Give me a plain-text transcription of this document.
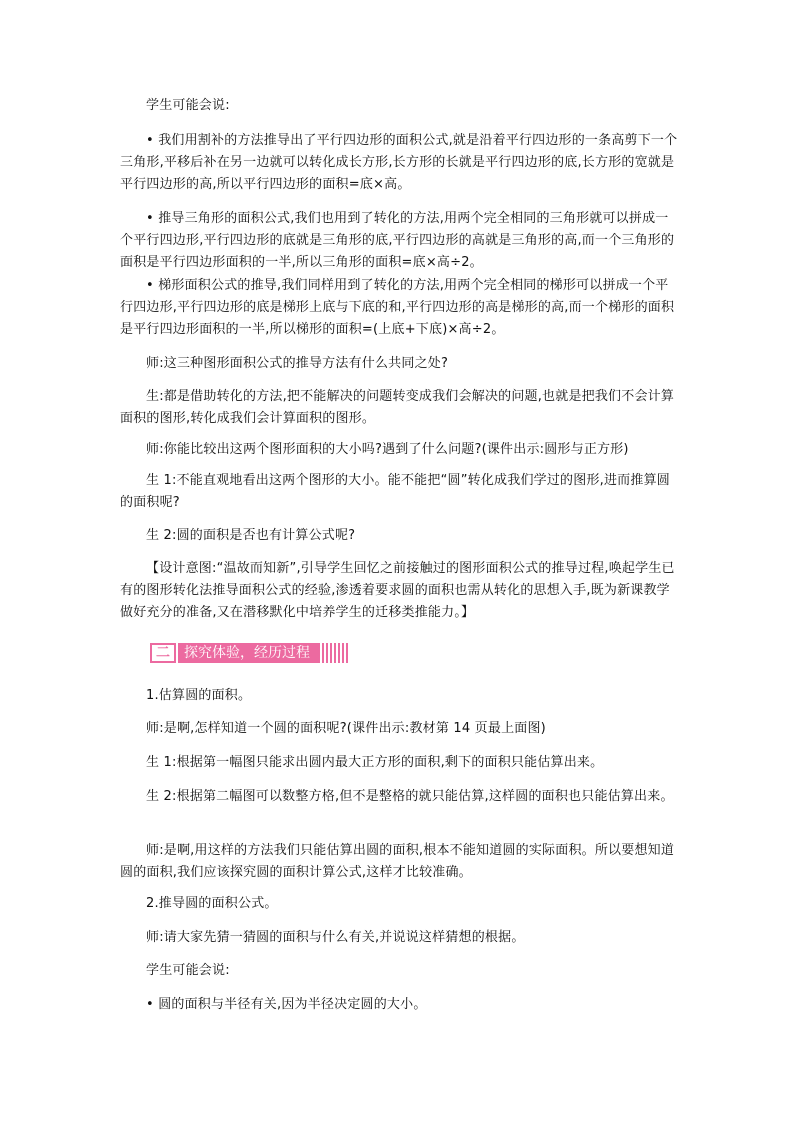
学生可能会说:

• 我们用割补的方法推导出了平行四边形的面积公式,就是沿着平行四边形的一条高剪下一个三角形,平移后补在另一边就可以转化成长方形,长方形的长就是平行四边形的底,长方形的宽就是平行四边形的高,所以平行四边形的面积=底×高。

• 推导三角形的面积公式,我们也用到了转化的方法,用两个完全相同的三角形就可以拼成一个平行四边形,平行四边形的底就是三角形的底,平行四边形的高就是三角形的高,而一个三角形的面积是平行四边形面积的一半,所以三角形的面积=底×高÷2。

• 梯形面积公式的推导,我们同样用到了转化的方法,用两个完全相同的梯形可以拼成一个平行四边形,平行四边形的底是梯形上底与下底的和,平行四边形的高是梯形的高,而一个梯形的面积是平行四边形面积的一半,所以梯形的面积=(上底+下底)×高÷2。

师:这三种图形面积公式的推导方法有什么共同之处?

生:都是借助转化的方法,把不能解决的问题转变成我们会解决的问题,也就是把我们不会计算面积的图形,转化成我们会计算面积的图形。

师:你能比较出这两个图形面积的大小吗?遇到了什么问题?(课件出示:圆形与正方形)

生 1:不能直观地看出这两个图形的大小。能不能把“圆”转化成我们学过的图形,进而推算圆的面积呢?

生 2:圆的面积是否也有计算公式呢?

【设计意图:“温故而知新”,引导学生回忆之前接触过的图形面积公式的推导过程,唤起学生已有的图形转化法推导面积公式的经验,渗透着要求圆的面积也需从转化的思想入手,既为新课教学做好充分的准备,又在潜移默化中培养学生的迁移类推能力。】

二	探究体验，经历过程

1.估算圆的面积。

师:是啊,怎样知道一个圆的面积呢?(课件出示:教材第 14 页最上面图)

生 1:根据第一幅图只能求出圆内最大正方形的面积,剩下的面积只能估算出来。

生 2:根据第二幅图可以数整方格,但不是整格的就只能估算,这样圆的面积也只能估算出来。

师:是啊,用这样的方法我们只能估算出圆的面积,根本不能知道圆的实际面积。所以要想知道圆的面积,我们应该探究圆的面积计算公式,这样才比较准确。

2.推导圆的面积公式。

师:请大家先猜一猜圆的面积与什么有关,并说说这样猜想的根据。

学生可能会说:

• 圆的面积与半径有关,因为半径决定圆的大小。
